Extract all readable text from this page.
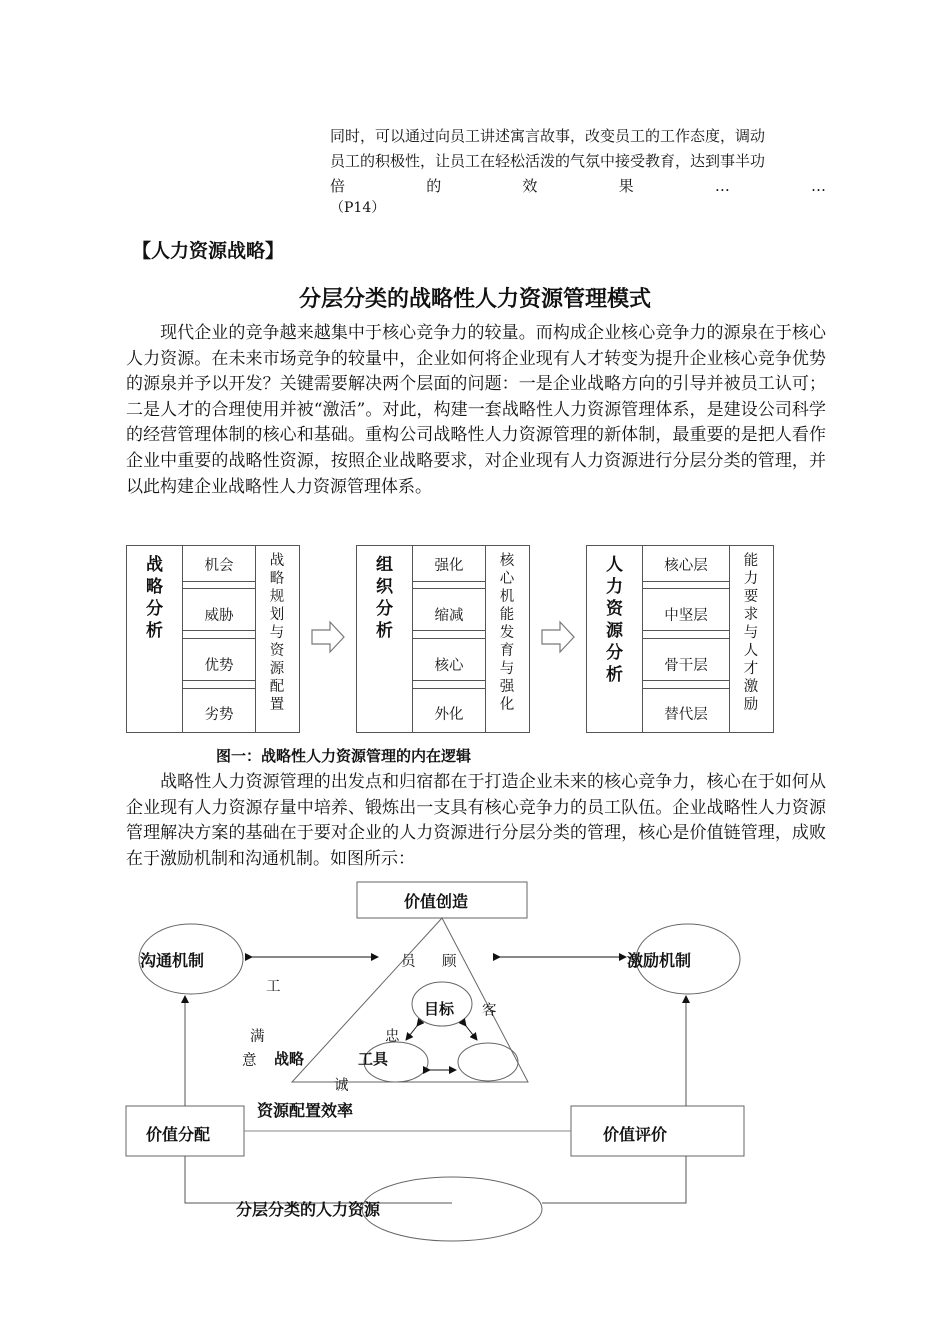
同时，可以通过向员工讲述寓言故事，改变员工的工作态度，调动
员工的积极性，让员工在轻松活泼的气氛中接受教育，达到事半功
倍	的	效	果	…	…
（P14）
【人力资源战略】
分层分类的战略性人力资源管理模式
现代企业的竞争越来越集中于核心竞争力的较量。而构成企业核心竞争力的源泉在于核心人力资源。在未来市场竞争的较量中，企业如何将企业现有人才转变为提升企业核心竞争优势的源泉并予以开发？关键需要解决两个层面的问题：一是企业战略方向的引导并被员工认可；二是人才的合理使用并被“激活”。对此，构建一套战略性人力资源管理体系，是建设公司科学的经营管理体制的核心和基础。重构公司战略性人力资源管理的新体制，最重要的是把人看作企业中重要的战略性资源，按照企业战略要求，对企业现有人力资源进行分层分类的管理，并以此构建企业战略性人力资源管理体系。
战略分析
机会
威胁
优势
劣势
战略规划与资源配置
组织分析
强化
缩减
核心
外化
核心机能发育与强化
人力资源分析
核心层
中坚层
骨干层
替代层
能力要求与人才激励
图一：战略性人力资源管理的内在逻辑
战略性人力资源管理的出发点和归宿都在于打造企业未来的核心竞争力，核心在于如何从企业现有人力资源存量中培养、锻炼出一支具有核心竞争力的员工队伍。企业战略性人力资源管理解决方案的基础在于要对企业的人力资源进行分层分类的管理，核心是价值链管理，成败在于激励机制和沟通机制。如图所示：
价值创造
沟通机制	激励机制
目标
战略	工具
资源配置效率
价值分配	价值评价
分层分类的人力资源
工
满
意
员 顾
客
忠
诚
